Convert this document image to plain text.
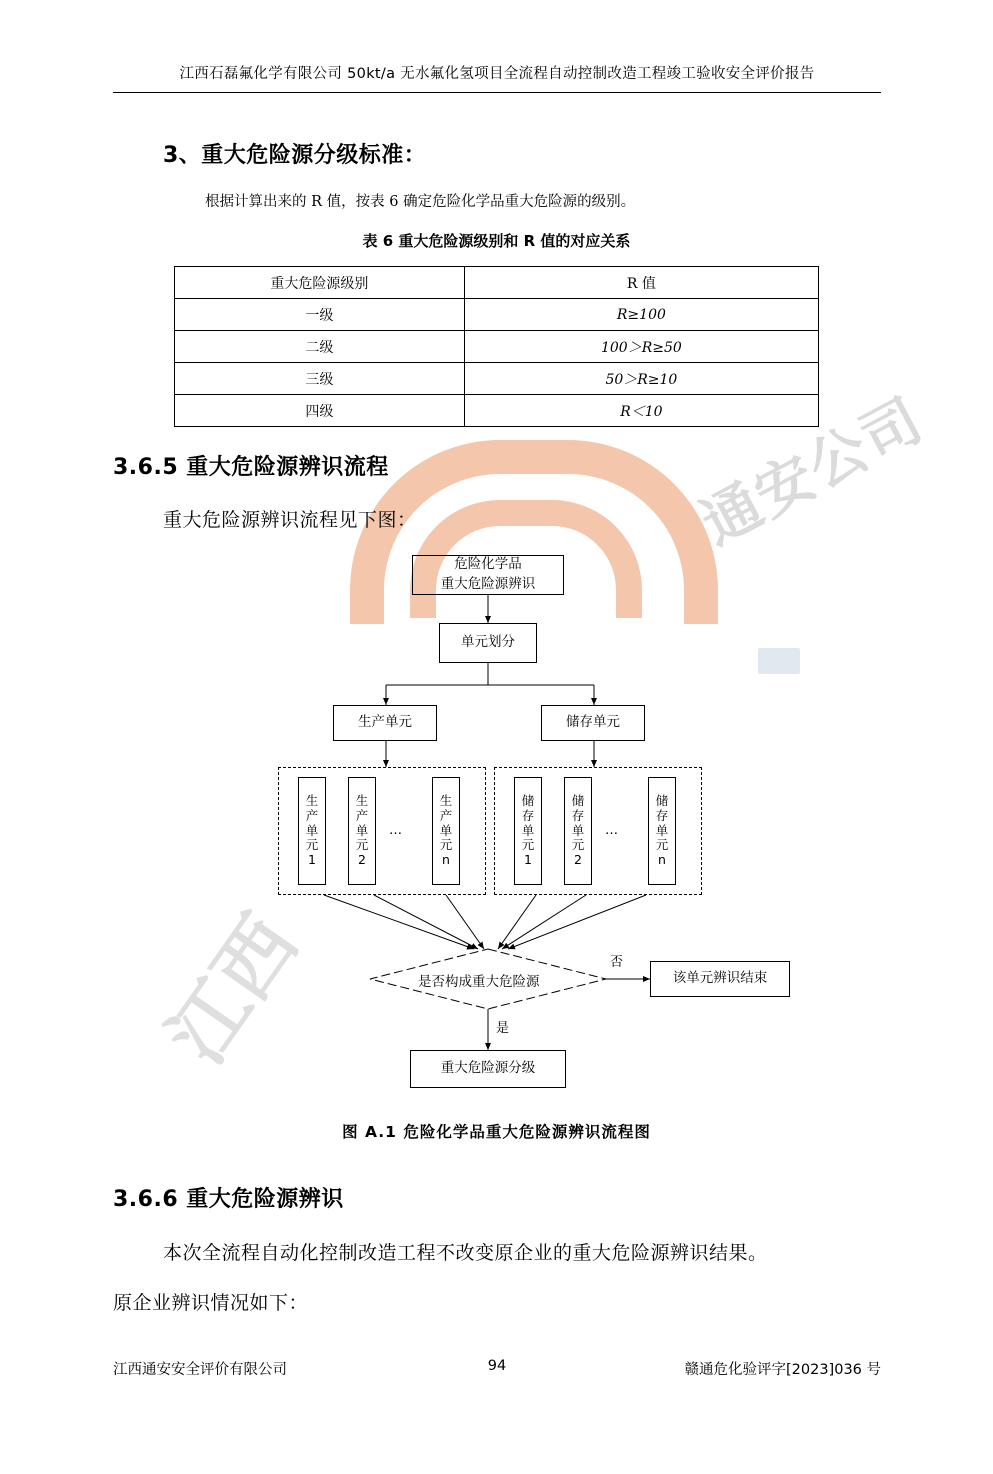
通安公司
江西
江西石磊氟化学有限公司 50kt/a 无水氟化氢项目全流程自动控制改造工程竣工验收安全评价报告
3、重大危险源分级标准：
根据计算出来的 R 值，按表 6 确定危险化学品重大危险源的级别。
表 6 重大危险源级别和 R 值的对应关系
重大危险源级别	R 值
一级	R≥100
二级	100＞R≥50
三级	50＞R≥10
四级	R＜10
3.6.5 重大危险源辨识流程
重大危险源辨识流程见下图：
危险化学品
重大危险源辨识
单元划分
生产单元	储存单元
生
产
单
元
1
生
产
单
元
2
…
生
产
单
元
n
储
存
单
元
1
储
存
单
元
2
…
储
存
单
元
n
是否构成重大危险源
否
是
该单元辨识结束
重大危险源分级
图 A.1 危险化学品重大危险源辨识流程图
3.6.6 重大危险源辨识
本次全流程自动化控制改造工程不改变原企业的重大危险源辨识结果。
原企业辨识情况如下：
江西通安安全评价有限公司	94	赣通危化验评字[2023]036 号
